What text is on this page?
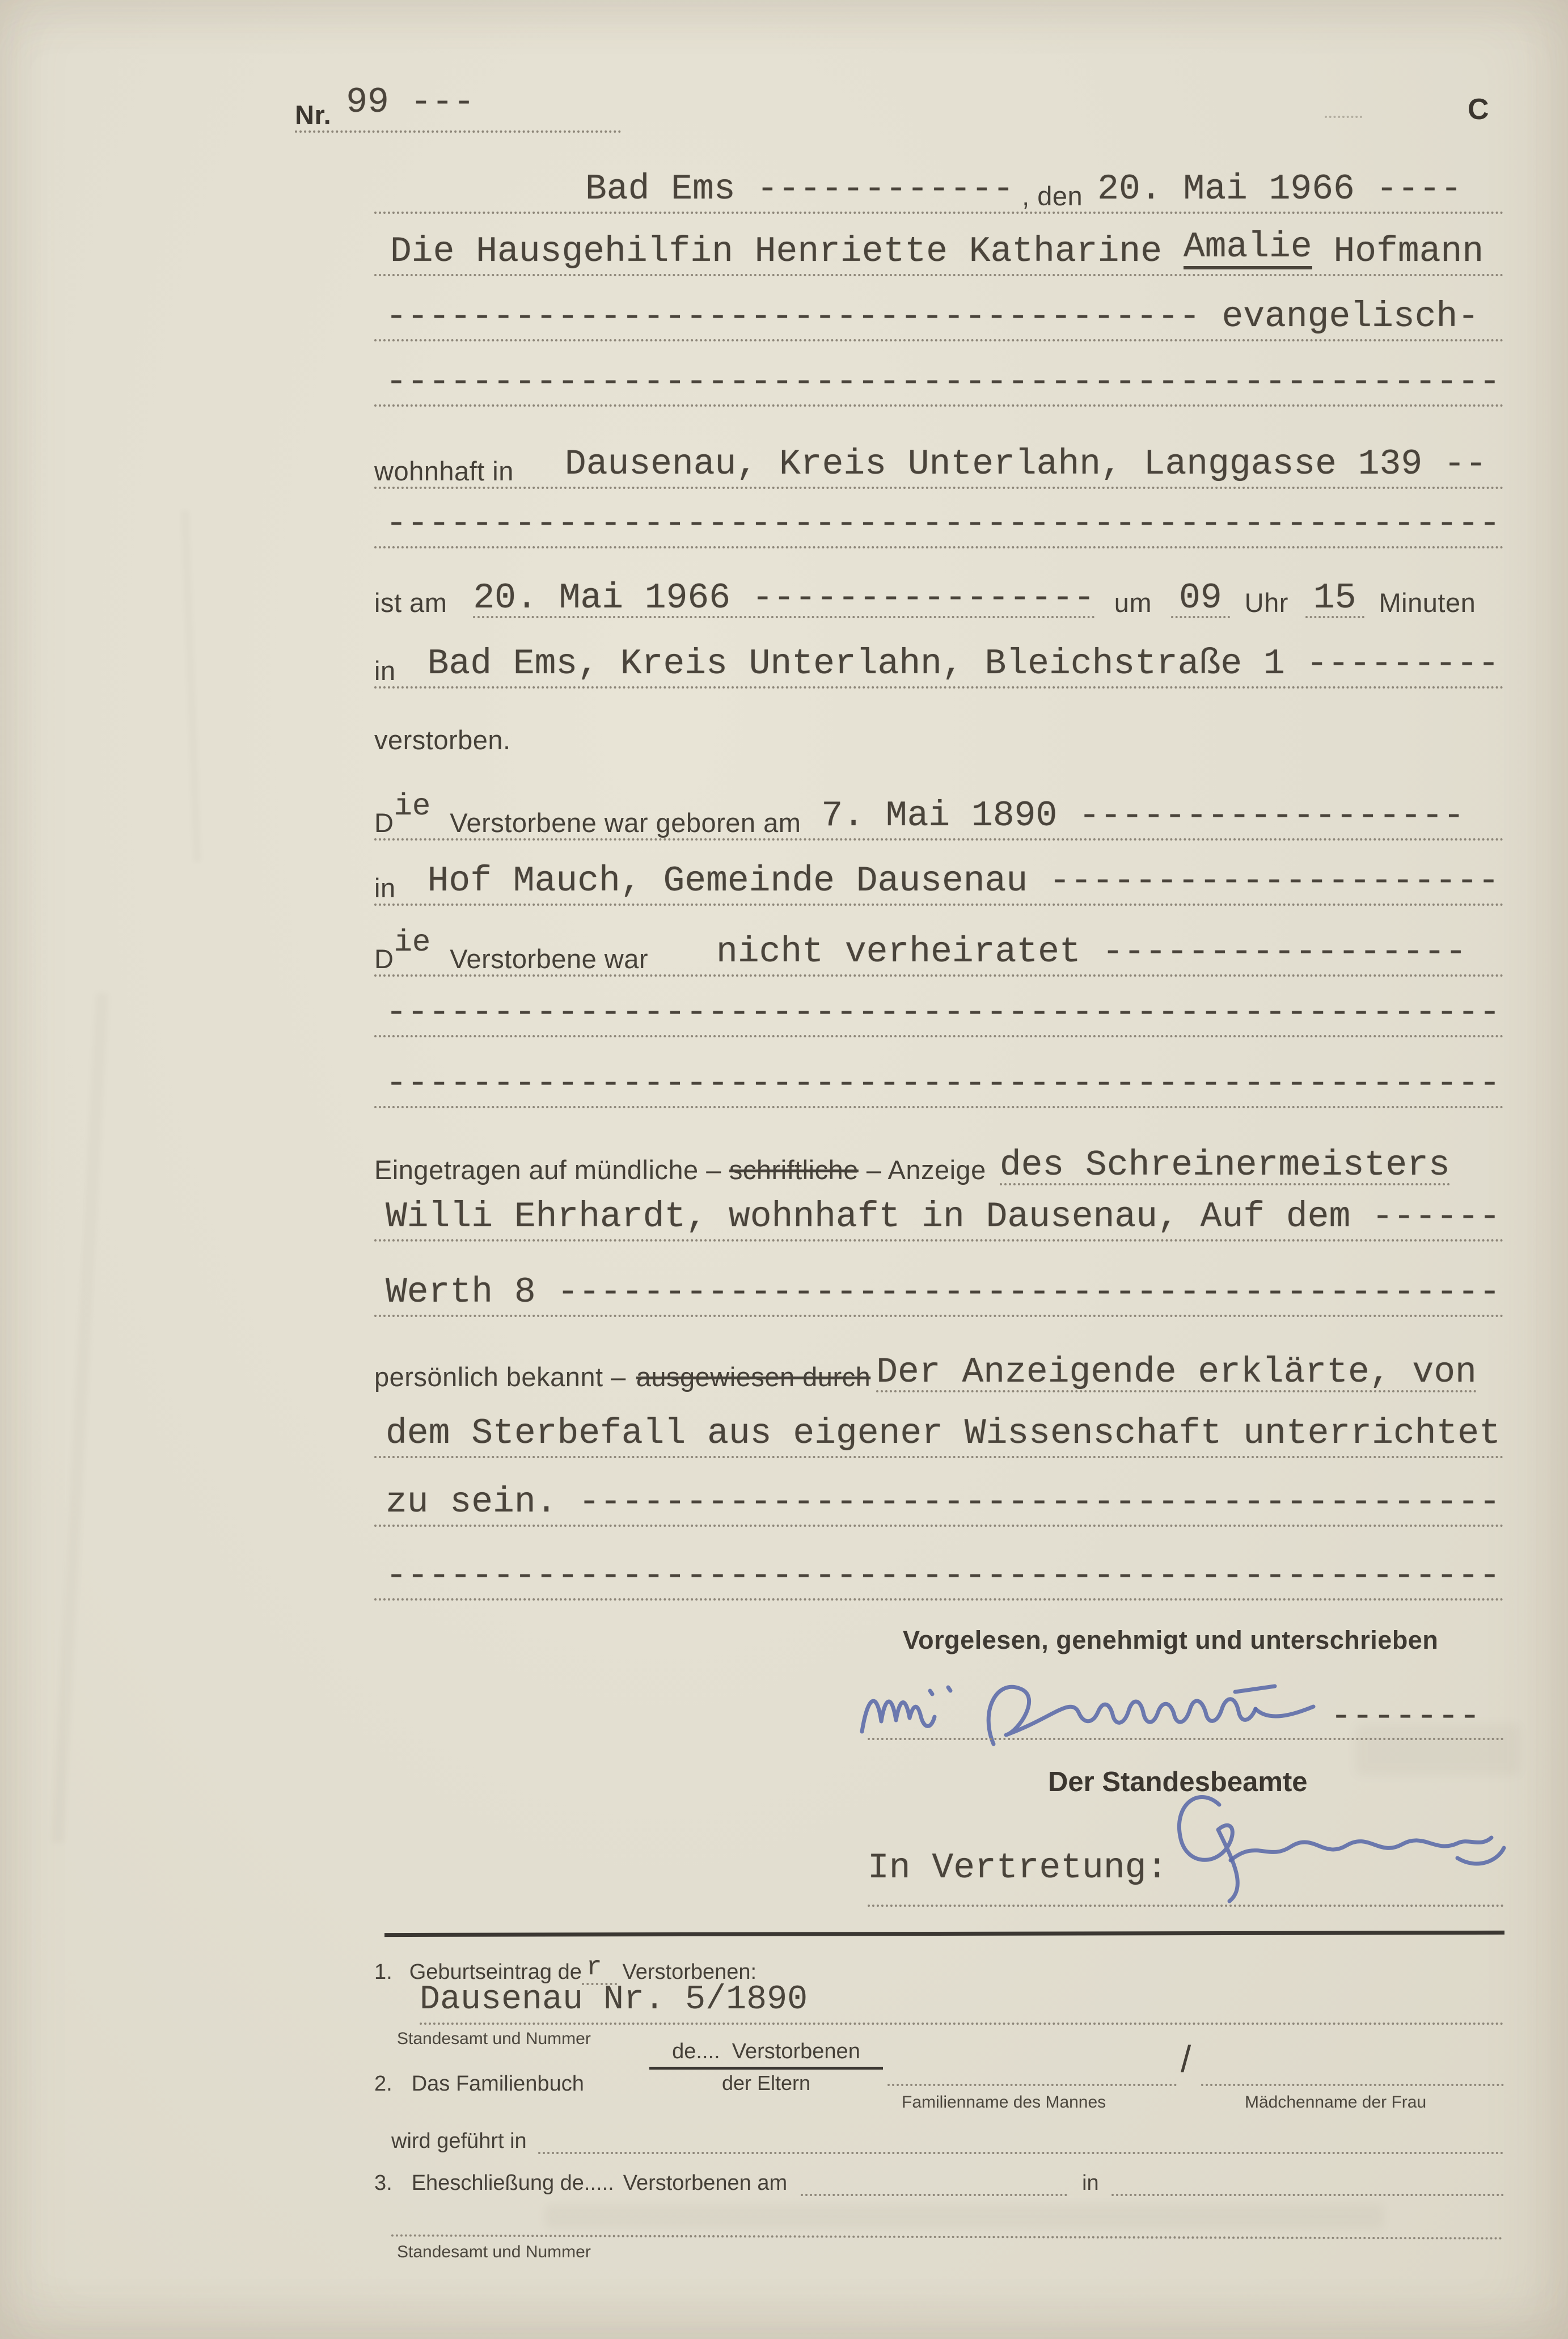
Nr. 99 ---	C
Bad Ems ------------ , den 20. Mai 1966 ----
Die Hausgehilfin Henriette Katharine Amalie Hofmann
-------------------------------------- evangelisch-
----------------------------------------------------
wohnhaft in Dausenau, Kreis Unterlahn, Langgasse 139 --
----------------------------------------------------
ist am 20. Mai 1966 ---------------- um 09 Uhr 15 Minuten
in Bad Ems, Kreis Unterlahn, Bleichstraße 1 ---------
verstorben.
D ie Verstorbene war geboren am 7. Mai 1890 ------------------
in Hof Mauch, Gemeinde Dausenau ---------------------
D ie Verstorbene war nicht verheiratet -----------------
----------------------------------------------------
----------------------------------------------------
Eingetragen auf mündliche – schriftliche – Anzeige des Schreinermeisters
Willi Ehrhardt, wohnhaft in Dausenau, Auf dem ------
Werth 8 --------------------------------------------
persönlich bekannt – ausgewiesen durch Der Anzeigende erklärte, von
dem Sterbefall aus eigener Wissenschaft unterrichtet
zu sein. -------------------------------------------
----------------------------------------------------
Vorgelesen, genehmigt und unterschrieben
-------
Der Standesbeamte
In Vertretung:
1. Geburtseintrag de r Verstorbenen:
Dausenau Nr. 5/1890
Standesamt und Nummer
2. Das Familienbuch
de....  Verstorbenen
der Eltern
/
Familienname des Mannes	Mädchenname der Frau
wird geführt in
3. Eheschließung de..... Verstorbenen am	in
Standesamt und Nummer
